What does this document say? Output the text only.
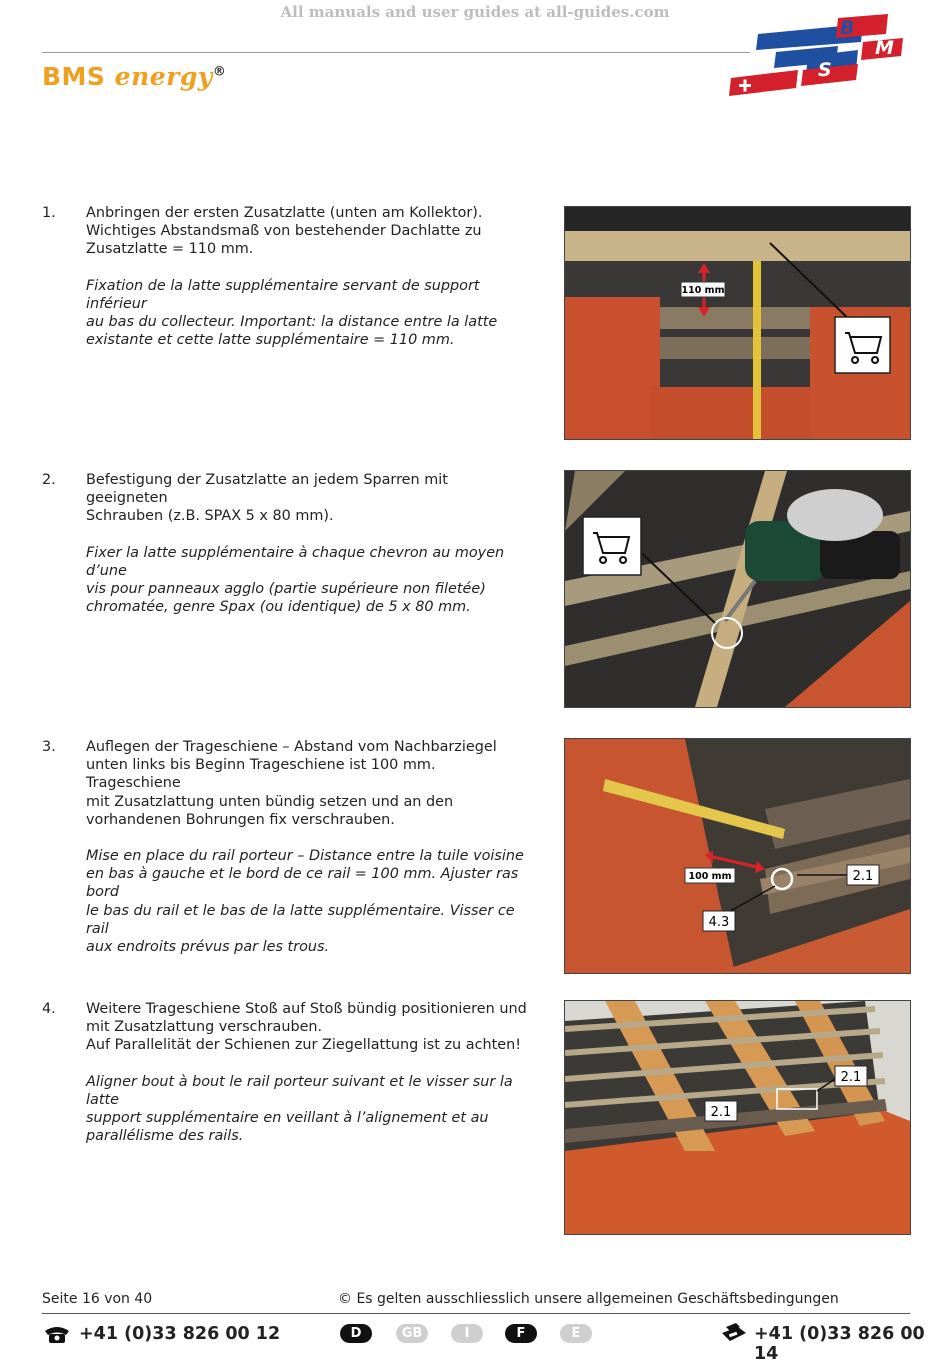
All manuals and user guides at all-guides.com
BMS energy®
B
M
S
1. Anbringen der ersten Zusatzlatte (unten am Kollektor).
Wichtiges Abstandsmaß von bestehender Dachlatte zu
Zusatzlatte = 110 mm.
Fixation de la latte supplémentaire servant de support inférieur
au bas du collecteur. Important: la distance entre la latte
existante et cette latte supplémentaire = 110 mm.
110 mm
2. Befestigung der Zusatzlatte an jedem Sparren mit geeigneten
Schrauben (z.B. SPAX 5 x 80 mm).
Fixer la latte supplémentaire à chaque chevron au moyen d’une
vis pour panneaux agglo (partie supérieure non filetée)
chromatée, genre Spax (ou identique) de 5 x 80 mm.
3. Auflegen der Trageschiene – Abstand vom Nachbarziegel
unten links bis Beginn Trageschiene ist 100 mm. Trageschiene
mit Zusatzlattung unten bündig setzen und an den
vorhandenen Bohrungen fix verschrauben.
Mise en place du rail porteur – Distance entre la tuile voisine
en bas à gauche et le bord de ce rail = 100 mm. Ajuster ras bord
le bas du rail et le bas de la latte supplémentaire. Visser ce rail
aux endroits prévus par les trous.
100 mm	2.1
4.3
4. Weitere Trageschiene Stoß auf Stoß bündig positionieren und
mit Zusatzlattung verschrauben.
Auf Parallelität der Schienen zur Ziegellattung ist zu achten!
Aligner bout à bout le rail porteur suivant et le visser sur la latte
support supplémentaire en veillant à l’alignement et au
parallélisme des rails.
2.1
2.1
Seite 16 von 40	© Es gelten ausschliesslich unsere allgemeinen Geschäftsbedingungen
+41 (0)33 826 00 12	D	GB	I	F	E	+41 (0)33 826 00 14
